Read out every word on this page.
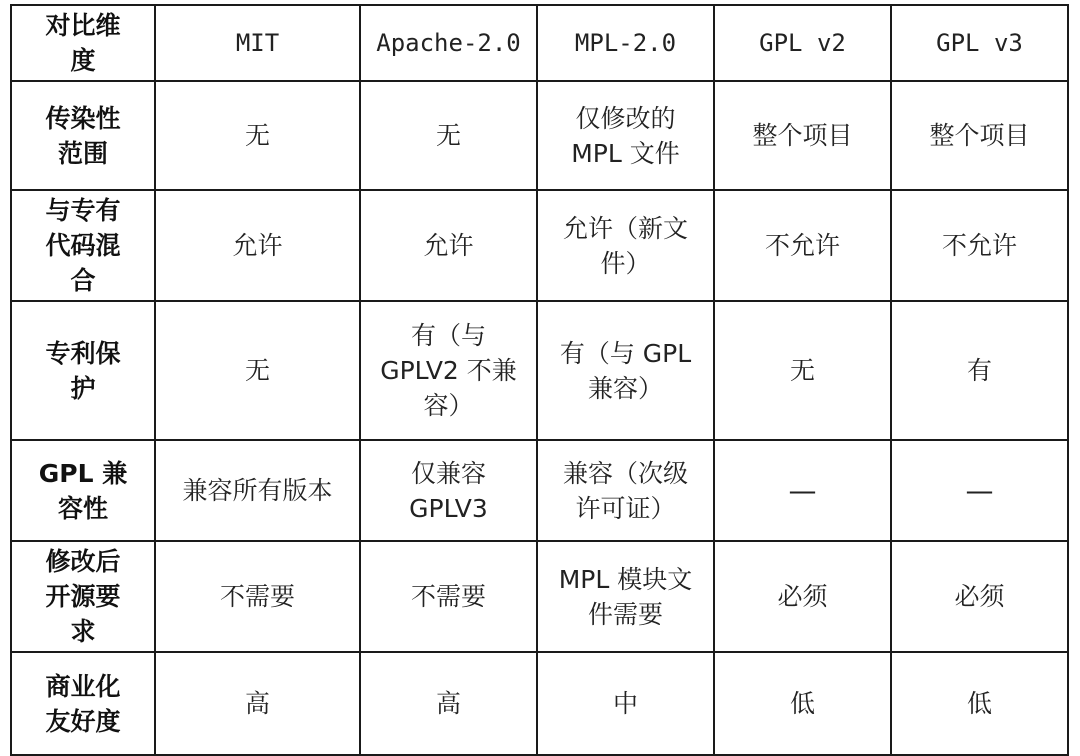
对比维度	MIT	Apache-2.0	MPL-2.0	GPL v2	GPL v3
传染性范围	无	无	仅修改的MPL 文件	整个项目	整个项目
与专有代码混合	允许	允许	允许（新文件）	不允许	不允许
专利保护	无	有（与GPLV2 不兼容）	有（与 GPL兼容）	无	有
GPL 兼容性	兼容所有版本	仅兼容GPLV3	兼容（次级许可证）	—	—
修改后开源要求	不需要	不需要	MPL 模块文件需要	必须	必须
商业化友好度	高	高	中	低	低
